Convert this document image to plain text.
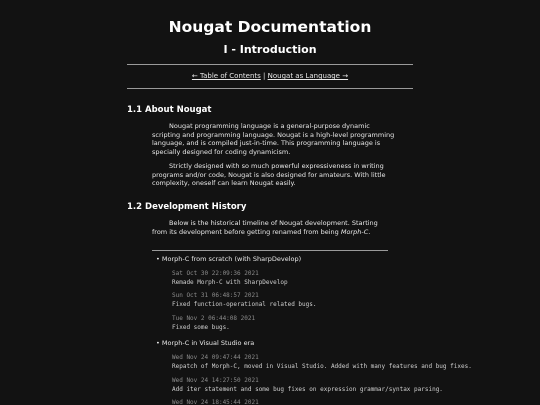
Nougat Documentation
I - Introduction
← Table of Contents | Nougat as Language →
1.1 About Nougat

Nougat programming language is a general-purpose dynamic scripting and programming language. Nougat is a high-level programming language, and is compiled just-in-time. This programming language is specially designed for coding dynamicism.

Strictly designed with so much powerful expressiveness in writing programs and/or code, Nougat is also designed for amateurs. With little complexity, oneself can learn Nougat easily.

1.2 Development History

Below is the historical timeline of Nougat development. Starting from its development before getting renamed from being Morph-C.

• Morph-C from scratch (with SharpDevelop)
Sat Oct 30 22:09:36 2021
Remade Morph-C with SharpDevelop
Sun Oct 31 06:48:57 2021
Fixed function-operational related bugs.
Tue Nov 2 06:44:08 2021
Fixed some bugs.
• Morph-C in Visual Studio era
Wed Nov 24 09:47:44 2021
Repatch of Morph-C, moved in Visual Studio. Added with many features and bug fixes.
Wed Nov 24 14:27:50 2021
Add iter statement and some bug fixes on expression grammar/syntax parsing.
Wed Nov 24 18:45:44 2021
